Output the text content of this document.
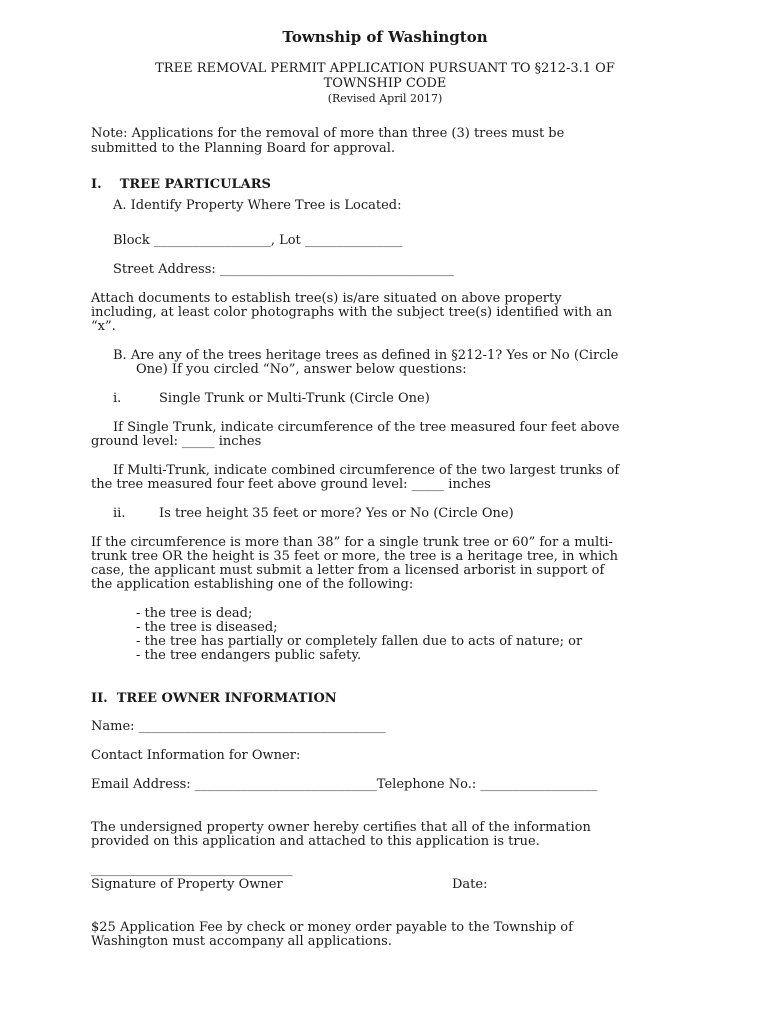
Township of Washington
TREE REMOVAL PERMIT APPLICATION PURSUANT TO §212-3.1 OF
TOWNSHIP CODE
(Revised April 2017)
Note: Applications for the removal of more than three (3) trees must be
submitted to the Planning Board for approval.
I.    TREE PARTICULARS
A. Identify Property Where Tree is Located:
Block __________________, Lot _______________
Street Address: ____________________________________
Attach documents to establish tree(s) is/are situated on above property
including, at least color photographs with the subject tree(s) identified with an
“x”.
B. Are any of the trees heritage trees as defined in §212-1? Yes or No (Circle
One) If you circled “No”, answer below questions:
i.	Single Trunk or Multi-Trunk (Circle One)
If Single Trunk, indicate circumference of the tree measured four feet above
ground level: _____ inches
If Multi-Trunk, indicate combined circumference of the two largest trunks of
the tree measured four feet above ground level: _____ inches
ii.	Is tree height 35 feet or more? Yes or No (Circle One)
If the circumference is more than 38” for a single trunk tree or 60” for a multi-
trunk tree OR the height is 35 feet or more, the tree is a heritage tree, in which
case, the applicant must submit a letter from a licensed arborist in support of
the application establishing one of the following:
- the tree is dead;
- the tree is diseased;
- the tree has partially or completely fallen due to acts of nature; or
- the tree endangers public safety.
II.  TREE OWNER INFORMATION
Name: ______________________________________
Contact Information for Owner:
Email Address: ____________________________Telephone No.: __________________
The undersigned property owner hereby certifies that all of the information
provided on this application and attached to this application is true.
_______________________________
Signature of Property Owner	Date:
$25 Application Fee by check or money order payable to the Township of
Washington must accompany all applications.
